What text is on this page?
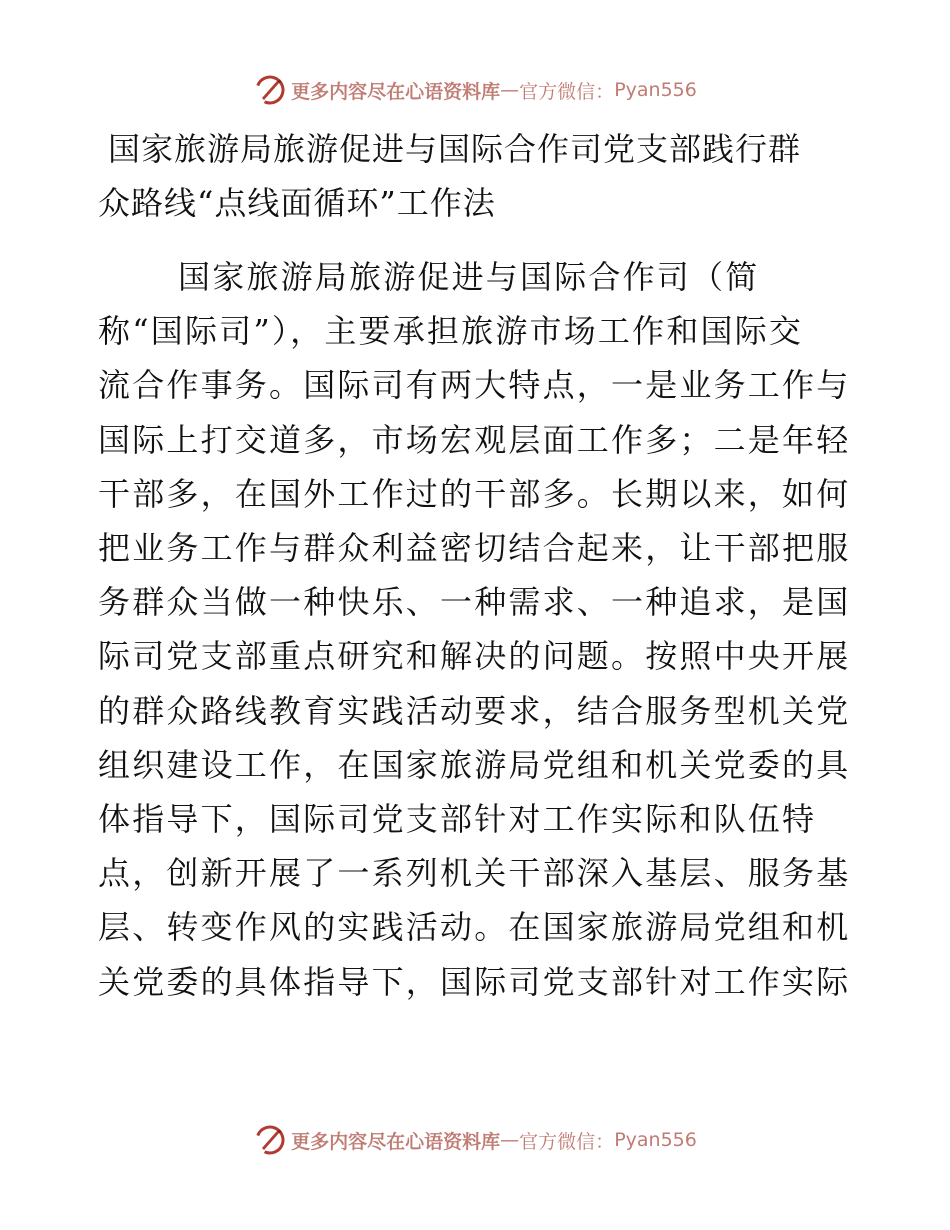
更多内容尽在心语资料库 — 官方微信： Pyan556
国家旅游局旅游促进与国际合作司党支部践行群
众路线“点线面循环”工作法
国家旅游局旅游促进与国际合作司（简
称“国际司”），主要承担旅游市场工作和国际交
流合作事务。国际司有两大特点，一是业务工作与
国际上打交道多，市场宏观层面工作多；二是年轻
干部多，在国外工作过的干部多。长期以来，如何
把业务工作与群众利益密切结合起来，让干部把服
务群众当做一种快乐、一种需求、一种追求，是国
际司党支部重点研究和解决的问题。按照中央开展
的群众路线教育实践活动要求，结合服务型机关党
组织建设工作，在国家旅游局党组和机关党委的具
体指导下，国际司党支部针对工作实际和队伍特
点，创新开展了一系列机关干部深入基层、服务基
层、转变作风的实践活动。在国家旅游局党组和机
关党委的具体指导下，国际司党支部针对工作实际
更多内容尽在心语资料库 — 官方微信： Pyan556
